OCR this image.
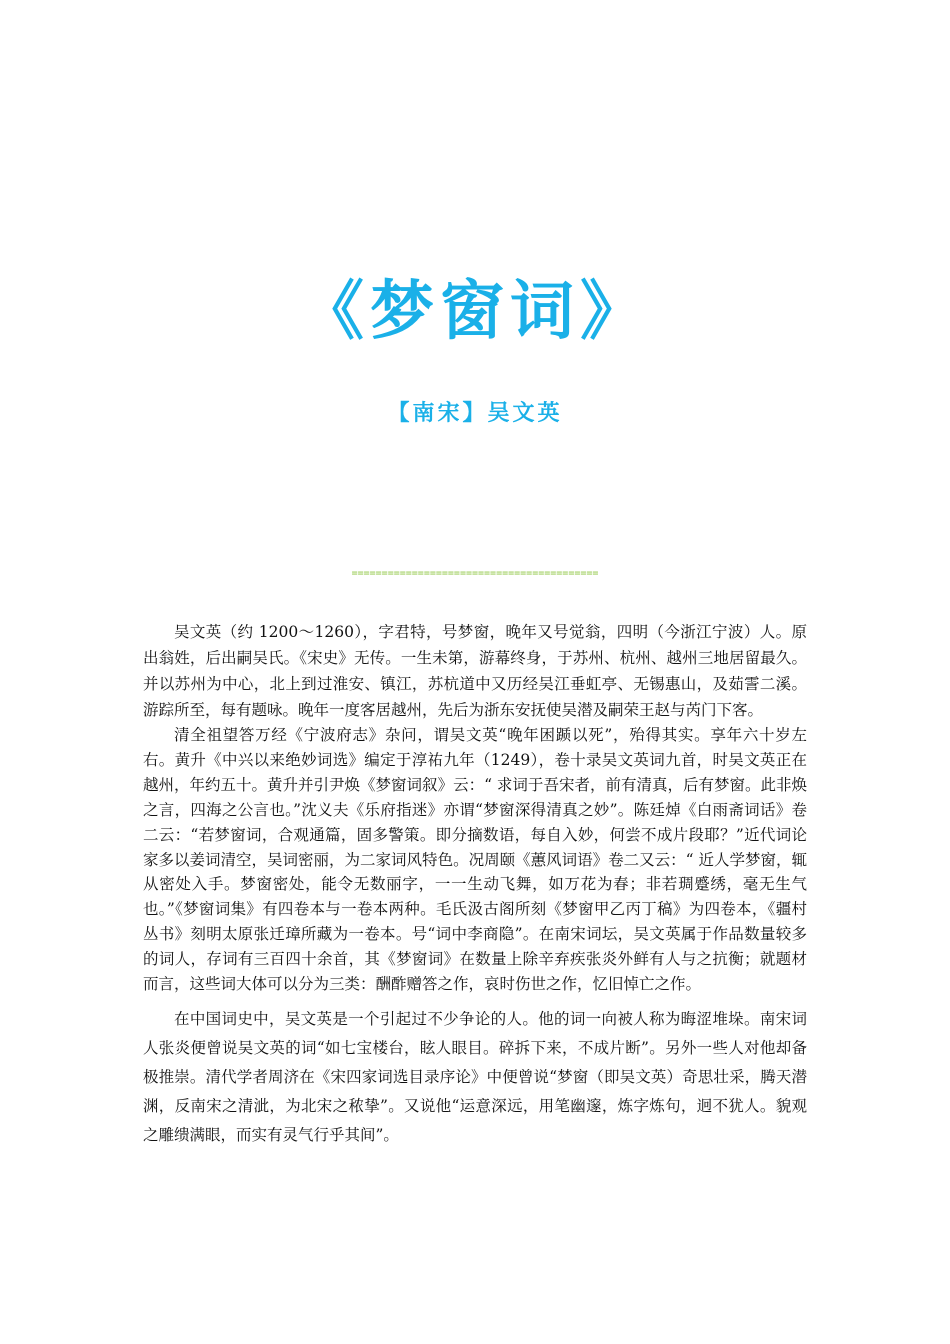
《梦窗词》
【南宋】吴文英
=========================================

吴文英（约 1200～1260），字君特，号梦窗，晚年又号觉翁，四明（今浙江宁波）人。原出翁姓，后出嗣吴氏。《宋史》无传。一生未第，游幕终身，于苏州、杭州、越州三地居留最久。并以苏州为中心，北上到过淮安、镇江，苏杭道中又历经吴江垂虹亭、无锡惠山，及茹霅二溪。游踪所至，每有题咏。晚年一度客居越州，先后为浙东安抚使吴潜及嗣荣王赵与芮门下客。

清全祖望答万经《宁波府志》杂问，谓吴文英“晚年困踬以死”，殆得其实。享年六十岁左右。黄升《中兴以来绝妙词选》编定于淳祐九年（1249），卷十录吴文英词九首，时吴文英正在越州，年约五十。黄升并引尹焕《梦窗词叙》云：“ 求词于吾宋者，前有清真，后有梦窗。此非焕之言，四海之公言也。”沈义夫《乐府指迷》亦谓“梦窗深得清真之妙”。陈廷焯《白雨斋词话》卷二云：“若梦窗词，合观通篇，固多警策。即分摘数语，每自入妙，何尝不成片段耶？”近代词论家多以姜词清空，吴词密丽，为二家词风特色。况周颐《蕙风词语》卷二又云：“ 近人学梦窗，辄从密处入手。梦窗密处，能令无数丽字，一一生动飞舞，如万花为春；非若琱蹙绣，毫无生气也。”《梦窗词集》有四卷本与一卷本两种。毛氏汲古阁所刻《梦窗甲乙丙丁稿》为四卷本，《疆村丛书》刻明太原张迁璋所藏为一卷本。号“词中李商隐”。在南宋词坛，吴文英属于作品数量较多的词人，存词有三百四十余首，其《梦窗词》在数量上除辛弃疾张炎外鲜有人与之抗衡；就题材而言，这些词大体可以分为三类：酬酢赠答之作，哀时伤世之作，忆旧悼亡之作。

在中国词史中，吴文英是一个引起过不少争论的人。他的词一向被人称为晦涩堆垛。南宋词人张炎便曾说吴文英的词“如七宝楼台，眩人眼目。碎拆下来，不成片断”。另外一些人对他却备极推崇。清代学者周济在《宋四家词选目录序论》中便曾说“梦窗（即吴文英）奇思壮采，腾天潜渊，反南宋之清泚，为北宋之秾挚”。又说他“运意深远，用笔幽邃，炼字炼句，迥不犹人。貌观之雕缋满眼，而实有灵气行乎其间”。
